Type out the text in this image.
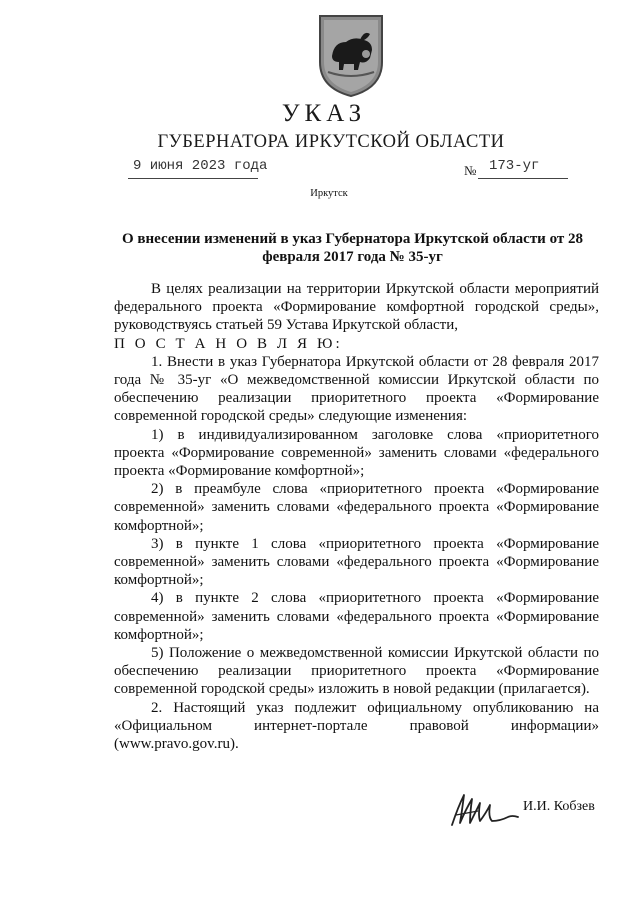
УКАЗ
ГУБЕРНАТОРА ИРКУТСКОЙ ОБЛАСТИ
9 июня 2023 года	№ 173-уг
Иркутск
О внесении изменений в указ Губернатора Иркутской области от 28 февраля 2017 года № 35-уг

В целях реализации на территории Иркутской области мероприятий федерального проекта «Формирование комфортной городской среды», руководствуясь статьей 59 Устава Иркутской области,

П О С Т А Н О В Л Я Ю:

1. Внести в указ Губернатора Иркутской области от 28 февраля 2017 года № 35-уг «О межведомственной комиссии Иркутской области по обеспечению реализации приоритетного проекта «Формирование современной городской среды» следующие изменения:

1) в индивидуализированном заголовке слова «приоритетного проекта «Формирование современной» заменить словами «федерального проекта «Формирование комфортной»;

2) в преамбуле слова «приоритетного проекта «Формирование современной» заменить словами «федерального проекта «Формирование комфортной»;

3) в пункте 1 слова «приоритетного проекта «Формирование современной» заменить словами «федерального проекта «Формирование комфортной»;

4) в пункте 2 слова «приоритетного проекта «Формирование современной» заменить словами «федерального проекта «Формирование комфортной»;

5) Положение о межведомственной комиссии Иркутской области по обеспечению реализации приоритетного проекта «Формирование современной городской среды» изложить в новой редакции (прилагается).

2. Настоящий указ подлежит официальному опубликованию на «Официальном интернет-портале правовой информации» (www.pravo.gov.ru).

И.И. Кобзев
